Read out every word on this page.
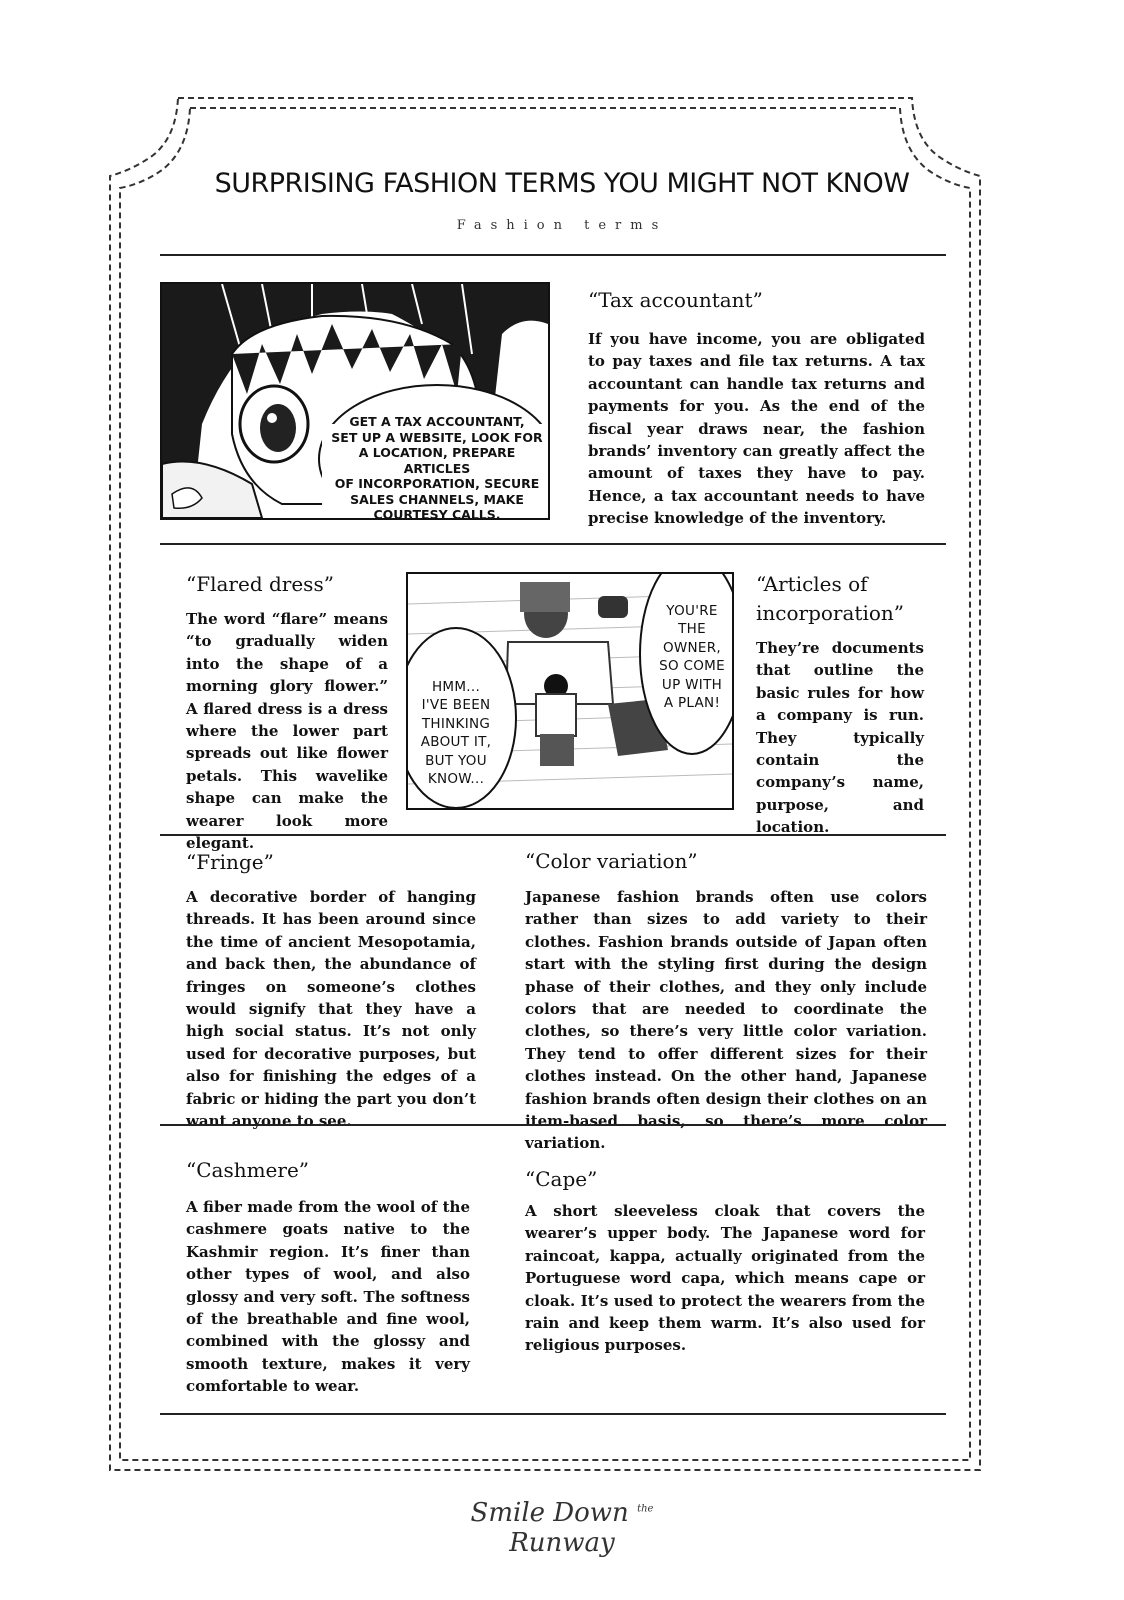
SURPRISING FASHION TERMS YOU MIGHT NOT KNOW
Fashion terms
GET A TAX ACCOUNTANT,
SET UP A WEBSITE, LOOK FOR
A LOCATION, PREPARE ARTICLES
OF INCORPORATION, SECURE
SALES CHANNELS, MAKE
COURTESY CALLS.
“Tax accountant”

If you have income, you are obligated to pay taxes and file tax returns. A tax accountant can handle tax returns and payments for you. As the end of the fiscal year draws near, the fashion brands’ inventory can greatly affect the amount of taxes they have to pay. Hence, a tax accountant needs to have precise knowledge of the inventory.

“Flared dress”

The word “flare” means “to gradually widen into the shape of a morning glory flower.” A flared dress is a dress where the lower part spreads out like flower petals. This wavelike shape can make the wearer look more elegant.

HMM...
I'VE BEEN
THINKING
ABOUT IT,
BUT YOU
KNOW...
YOU'RE
THE
OWNER,
SO COME
UP WITH
A PLAN!
“Articles of
incorporation”

They’re documents that outline the basic rules for how a company is run. They typically contain the company’s name, purpose, and location.

“Fringe”

A decorative border of hanging threads. It has been around since the time of ancient Mesopotamia, and back then, the abundance of fringes on someone’s clothes would signify that they have a high social status. It’s not only used for decorative purposes, but also for finishing the edges of a fabric or hiding the part you don’t want anyone to see.

“Color variation”

Japanese fashion brands often use colors rather than sizes to add variety to their clothes. Fashion brands outside of Japan often start with the styling first during the design phase of their clothes, and they only include colors that are needed to coordinate the clothes, so there’s very little color variation. They tend to offer different sizes for their clothes instead. On the other hand, Japanese fashion brands often design their clothes on an item-based basis, so there’s more color variation.

“Cashmere”

A fiber made from the wool of the cashmere goats native to the Kashmir region. It’s finer than other types of wool, and also glossy and very soft. The softness of the breathable and fine wool, combined with the glossy and smooth texture, makes it very comfortable to wear.

“Cape”

A short sleeveless cloak that covers the wearer’s upper body. The Japanese word for raincoat, kappa, actually originated from the Portuguese word capa, which means cape or cloak. It’s used to protect the wearers from the rain and keep them warm. It’s also used for religious purposes.

Smile Down $^{the}$ Runway
